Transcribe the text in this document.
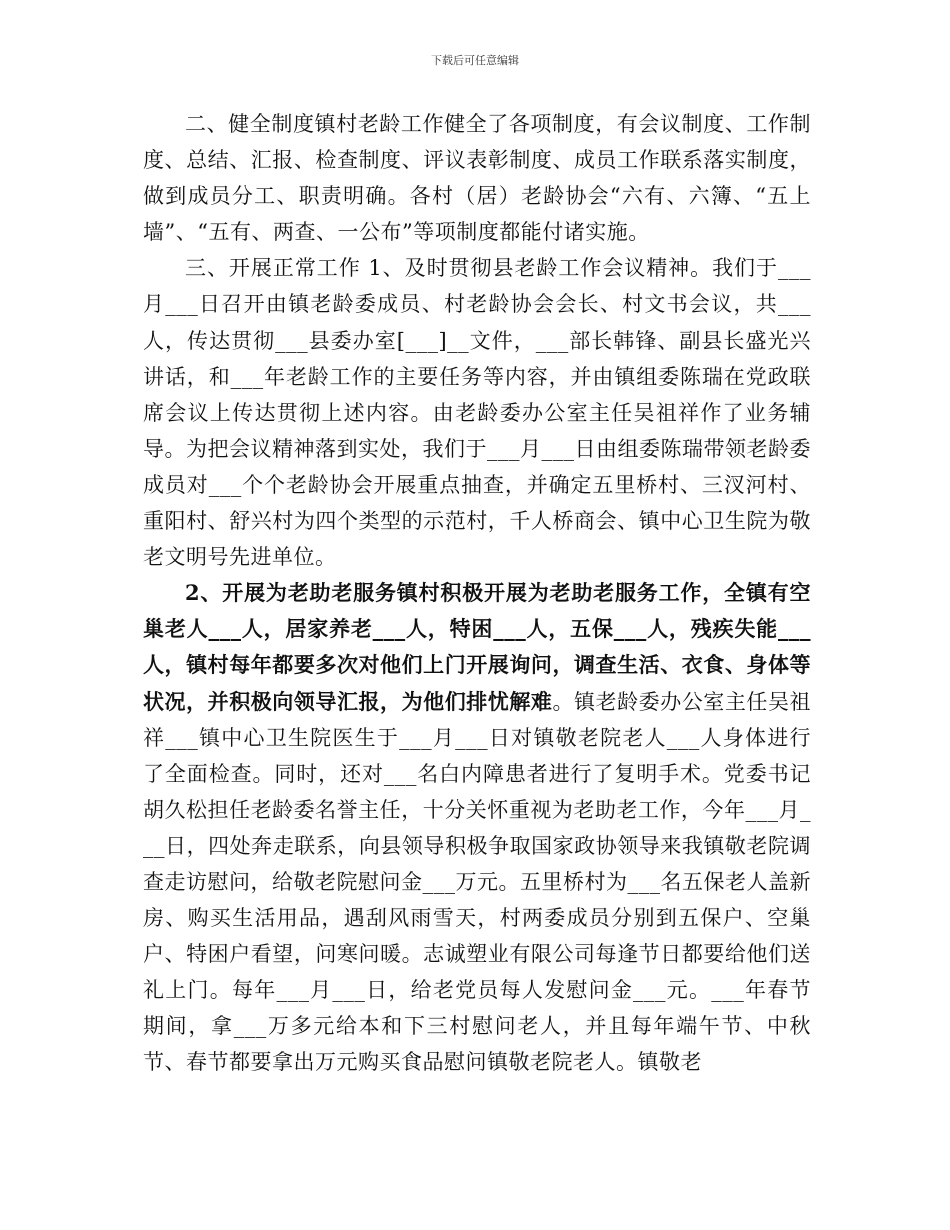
下载后可任意编辑

二、健全制度镇村老龄工作健全了各项制度，有会议制度、工作制度、总结、汇报、检查制度、评议表彰制度、成员工作联系落实制度，做到成员分工、职责明确。各村（居）老龄协会“六有、六簿、“五上墙”、“五有、两查、一公布”等项制度都能付诸实施。

三、开展正常工作 1、及时贯彻县老龄工作会议精神。我们于___月___日召开由镇老龄委成员、村老龄协会会长、村文书会议，共___人，传达贯彻___县委办室[___]__文件，___部长韩锋、副县长盛光兴讲话，和___年老龄工作的主要任务等内容，并由镇组委陈瑞在党政联席会议上传达贯彻上述内容。由老龄委办公室主任吴祖祥作了业务辅导。为把会议精神落到实处，我们于___月___日由组委陈瑞带领老龄委成员对___个个老龄协会开展重点抽查，并确定五里桥村、三汊河村、重阳村、舒兴村为四个类型的示范村，千人桥商会、镇中心卫生院为敬老文明号先进单位。

2、开展为老助老服务镇村积极开展为老助老服务工作，全镇有空巢老人___人，居家养老___人，特困___人，五保___人，残疾失能___人，镇村每年都要多次对他们上门开展询问，调查生活、衣食、身体等状况，并积极向领导汇报，为他们排忧解难。镇老龄委办公室主任吴祖祥___镇中心卫生院医生于___月___日对镇敬老院老人___人身体进行了全面检查。同时，还对___名白内障患者进行了复明手术。党委书记胡久松担任老龄委名誉主任，十分关怀重视为老助老工作，今年___月___日，四处奔走联系，向县领导积极争取国家政协领导来我镇敬老院调查走访慰问，给敬老院慰问金___万元。五里桥村为___名五保老人盖新房、购买生活用品，遇刮风雨雪天，村两委成员分别到五保户、空巢户、特困户看望，问寒问暖。志诚塑业有限公司每逢节日都要给他们送礼上门。每年___月___日，给老党员每人发慰问金___元。___年春节期间，拿___万多元给本和下三村慰问老人，并且每年端午节、中秋节、春节都要拿出万元购买食品慰问镇敬老院老人。镇敬老
